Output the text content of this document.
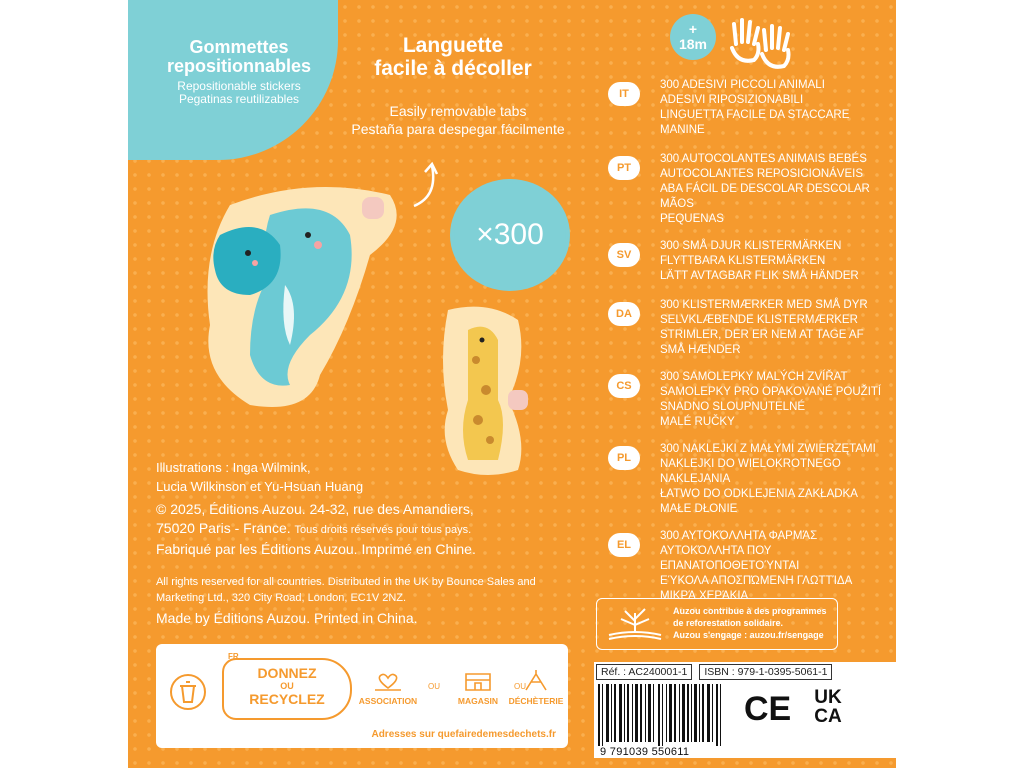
Gommettes repositionnables
Repositionable stickers
Pegatinas reutilizables
Languette
facile à décoller
Easily removable tabs
Pestaña para despegar fácilmente
×300
+
18m
IT
300 ADESIVI PICCOLI ANIMALI
ADESIVI RIPOSIZIONABILI
LINGUETTA FACILE DA STACCARE MANINE
PT
300 AUTOCOLANTES ANIMAIS BEBÉS
AUTOCOLANTES REPOSICIONÁVEIS
ABA FÁCIL DE DESCOLAR DESCOLAR MÃOS
PEQUENAS
SV
300 SMÅ DJUR KLISTERMÄRKEN
FLYTTBARA KLISTERMÄRKEN
LÄTT AVTAGBAR FLIK SMÅ HÄNDER
DA
300 KLISTERMÆRKER MED SMÅ DYR
SELVKLÆBENDE KLISTERMÆRKER
STRIMLER, DER ER NEM AT TAGE AF
SMÅ HÆNDER
CS
300 SAMOLEPKY MALÝCH ZVÍŘAT
SAMOLEPKY PRO OPAKOVANÉ POUŽITÍ
SNADNO SLOUPNUTELNÉ
MALÉ RUČKY
PL
300 NAKLEJKI Z MAŁYMI ZWIERZĘTAMI
NAKLEJKI DO WIELOKROTNEGO NAKLEJANIA
ŁATWO DO ODKLEJENIA ZAKŁADKA
MAŁE DŁONIE
EL
300 ΑΥΤΟΚΌΛΛΗΤΑ ΦΑΡΜΆΣ
ΑΥΤΟΚΌΛΛΗΤΑ ΠΟΥ
ΕΠΑΝΑΤΟΠΟΘΕΤΟΎΝΤΑΙ
ΕΎΚΟΛΑ ΑΠΟΣΠΏΜΕΝΗ ΓΛΩΤΤΊΔΑ
ΜΙΚΡΆ ΧΕΡΆΚΙΑ
Illustrations : Inga Wilmink,
Lucia Wilkinson et Yu-Hsuan Huang
© 2025, Éditions Auzou. 24-32, rue des Amandiers,
75020 Paris - France. Tous droits réservés pour tous pays.
Fabriqué par les Éditions Auzou. Imprimé en Chine.
All rights reserved for all countries. Distributed in the UK by Bounce Sales and Marketing Ltd., 320 City Road, London, EC1V 2NZ.
Made by Éditions Auzou. Printed in China.
FR
DONNEZ
OU
RECYCLEZ	ASSOCIATION
OU
MAGASIN
OU
DÉCHÈTERIE
Adresses sur quefairedemesdechets.fr
Auzou contribue à des programmes
de reforestation solidaire.
Auzou s'engage : auzou.fr/sengage
Réf. : AC240001-1 ISBN : 979-1-0395-5061-1
9 791039 550611
CE	UK
CA
